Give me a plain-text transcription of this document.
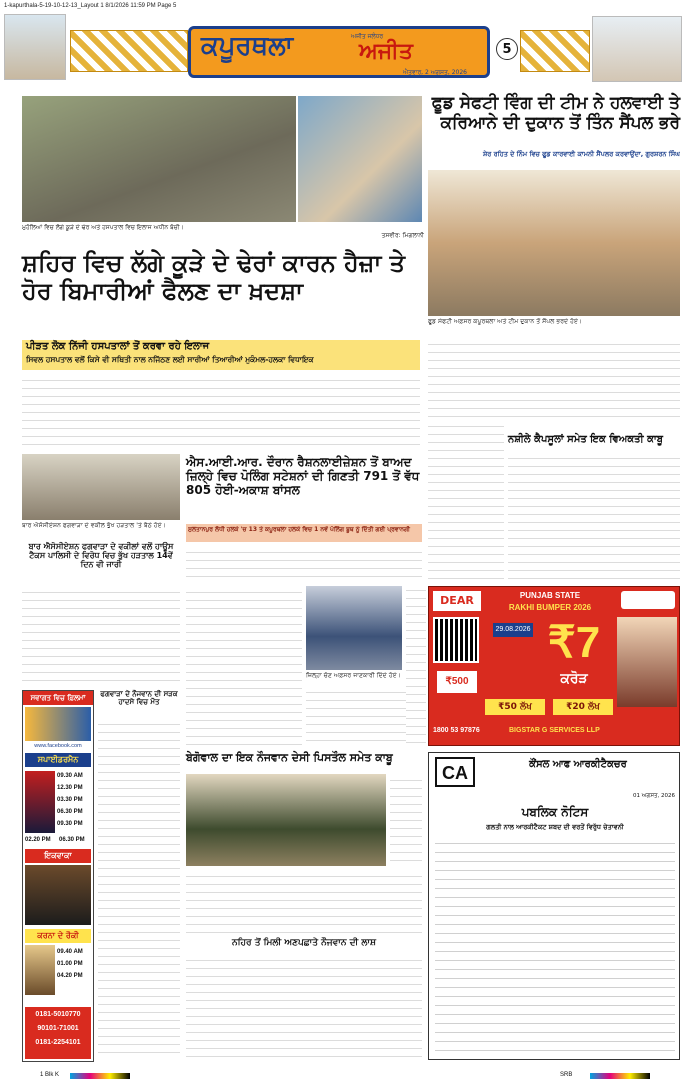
1-kapurthala-5-19-10-12-13_Layout 1 8/1/2026 11:59 PM Page 5
ਕਪੂਰਥਲਾ	ਅਜੀਤ ਜਲੰਧਰ
ਅਜੀਤ
ਐਤਵਾਰ, 2 ਅਗਸਤ, 2026
5
ਮੁਹੱਲਿਆਂ ਵਿਚ ਲੱਗੇ ਕੂੜੇ ਦੇ ਢੇਰ ਅਤੇ ਹਸਪਤਾਲ ਵਿਚ ਇਲਾਜ ਅਧੀਨ ਬੱਚੀ।
ਤਸਵੀਰ: ਮਿਗਲਾਨੀ
ਫੂਡ ਸੇਫਟੀ ਵਿੰਗ ਦੀ ਟੀਮ ਨੇ ਹਲਵਾਈ ਤੇ ਕਰਿਆਨੇ ਦੀ ਦੁਕਾਨ ਤੋਂ ਤਿੰਨ ਸੈਂਪਲ ਭਰੇ
ਸ਼ੇਰ ਰਹਿਤ ਦੇ ਨਿੰਮ ਵਿਚ ਫੂਡ ਕਾਰਵਾਈ ਕਾਮਨੀ ਸੈਂਪਲਰ ਕਰਵਾਉਂਦਾ, ਗੁਰਸ਼ਰਨ ਸਿੰਘ
ਫੂਡ ਸੇਫਟੀ ਅਫ਼ਸਰ ਕਪੂਰਥਲਾ ਅਤੇ ਟੀਮ ਦੁਕਾਨ ਤੋਂ ਸੈਂਪਲ ਭਰਦੇ ਹੋਏ।
ਸ਼ਹਿਰ ਵਿਚ ਲੱਗੇ ਕੂੜੇ ਦੇ ਢੇਰਾਂ ਕਾਰਨ ਹੈਜ਼ਾ ਤੇ ਹੋਰ ਬਿਮਾਰੀਆਂ ਫੈਲਣ ਦਾ ਖ਼ਦਸ਼ਾ
ਪੀੜਤ ਲੋਕ ਨਿੱਜੀ ਹਸਪਤਾਲਾਂ ਤੋਂ ਕਰਵਾ ਰਹੇ ਇਲਾਜ
ਸਿਵਲ ਹਸਪਤਾਲ ਵਲੋਂ ਕਿਸੇ ਵੀ ਸਥਿਤੀ ਨਾਲ ਨਜਿੱਠਣ ਲਈ ਸਾਰੀਆਂ ਤਿਆਰੀਆਂ ਮੁਕੰਮਲ-ਹਲਕਾ ਵਿਧਾਇਕ
ਨਸ਼ੀਲੇ ਕੈਪਸੂਲਾਂ ਸਮੇਤ ਇਕ ਵਿਅਕਤੀ ਕਾਬੂ
ਬਾਰ ਐਸੋਸੀਏਸ਼ਨ ਫਗਵਾੜਾ ਦੇ ਵਕੀਲ ਭੁੱਖ ਹੜਤਾਲ 'ਤੇ ਬੈਠੇ ਹੋਏ।
ਬਾਰ ਐਸੋਸੀਏਸ਼ਨ ਫਗਵਾੜਾ ਦੇ ਵਕੀਲਾਂ ਵਲੋਂ ਹਾਊਸ ਟੈਕਸ ਪਾਲਿਸੀ ਦੇ ਵਿਰੋਧ ਵਿਚ ਭੁੱਖ ਹੜਤਾਲ 14ਵੇਂ ਦਿਨ ਵੀ ਜਾਰੀ
ਐਸ.ਆਈ.ਆਰ. ਦੌਰਾਨ ਰੈਸ਼ਨਲਾਈਜ਼ੇਸ਼ਨ ਤੋਂ ਬਾਅਦ ਜ਼ਿਲ੍ਹੇ ਵਿਚ ਪੋਲਿੰਗ ਸਟੇਸ਼ਨਾਂ ਦੀ ਗਿਣਤੀ 791 ਤੋਂ ਵੱਧ 805 ਹੋਈ-ਅਕਾਸ਼ ਬਾਂਸਲ
ਸੁਲਤਾਨਪੁਰ ਲੋਧੀ ਹਲਕੇ 'ਚ 13 ਤੇ ਕਪੂਰਥਲਾ ਹਲਕੇ ਵਿਚ 1 ਨਵੇਂ ਪੋਲਿੰਗ ਬੂਥ ਨੂੰ ਦਿੱਤੀ ਗਈ ਪ੍ਰਵਾਨਗੀ
ਜ਼ਿਲ੍ਹਾ ਚੋਣ ਅਫ਼ਸਰ ਜਾਣਕਾਰੀ ਦਿੰਦੇ ਹੋਏ।
DEAR	PUNJAB STATE
RAKHI BUMPER 2026
29.08.2026
₹500
₹7
ਕਰੋੜ
₹50 ਲੱਖ	₹20 ਲੱਖ
1800 53 97876	BIGSTAR G SERVICES LLP
ਬੇਗੋਵਾਲ ਦਾ ਇਕ ਨੌਜਵਾਨ ਦੇਸੀ ਪਿਸਤੌਲ ਸਮੇਤ ਕਾਬੂ
ਨਹਿਰ ਤੋਂ ਮਿਲੀ ਅਣਪਛਾਤੇ ਨੌਜਵਾਨ ਦੀ ਲਾਸ਼
ਸਵਾਗਤ ਵਿਚ ਫ਼ਿਲਮਾਂ
www.facebook.com
ਸਪਾਈਡਰਮੈਨ
09.30 AM
12.30 PM
03.30 PM
06.30 PM
09.30 PM
02.20 PM 06.30 PM
ਇਕਵਾਕਾ
ਕਰਨਾ ਦੇ ਰੌਕੀ
09.40 AM
01.00 PM
04.20 PM
0181-5010770
90101-71001
0181-2254101
ਫਗਵਾੜਾ ਦੇ ਨੌਜਵਾਨ ਦੀ ਸੜਕ ਹਾਦਸੇ ਵਿਚ ਮੌਤ
CA	ਕੌਂਸਲ ਆਫ ਆਰਕੀਟੈਕਚਰ
01 ਅਗਸਤ, 2026
ਪਬਲਿਕ ਨੋਟਿਸ
ਗਲਤੀ ਨਾਲ ਆਰਕੀਟੈਕਟ ਸ਼ਬਦ ਦੀ ਵਰਤੋਂ ਵਿਰੁੱਧ ਚੇਤਾਵਨੀ
1 Blk K	SRB
